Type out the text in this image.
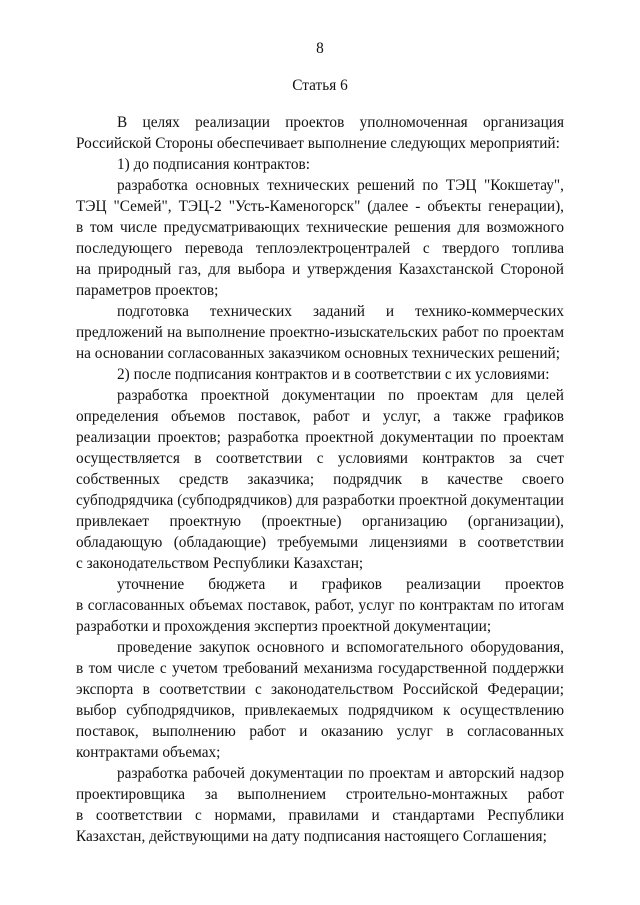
8
Статья 6
В целях реализации проектов уполномоченная организация
Российской Стороны обеспечивает выполнение следующих мероприятий:
1) до подписания контрактов:
разработка основных технических решений по ТЭЦ "Кокшетау",
ТЭЦ "Семей", ТЭЦ-2 "Усть-Каменогорск" (далее - объекты генерации),
в том числе предусматривающих технические решения для возможного
последующего перевода теплоэлектроцентралей с твердого топлива
на природный газ, для выбора и утверждения Казахстанской Стороной
параметров проектов;
подготовка технических заданий и технико-коммерческих
предложений на выполнение проектно-изыскательских работ по проектам
на основании согласованных заказчиком основных технических решений;
2) после подписания контрактов и в соответствии с их условиями:
разработка проектной документации по проектам для целей
определения объемов поставок, работ и услуг, а также графиков
реализации проектов; разработка проектной документации по проектам
осуществляется в соответствии с условиями контрактов за счет
собственных средств заказчика; подрядчик в качестве своего
субподрядчика (субподрядчиков) для разработки проектной документации
привлекает проектную (проектные) организацию (организации),
обладающую (обладающие) требуемыми лицензиями в соответствии
с законодательством Республики Казахстан;
уточнение бюджета и графиков реализации проектов
в согласованных объемах поставок, работ, услуг по контрактам по итогам
разработки и прохождения экспертиз проектной документации;
проведение закупок основного и вспомогательного оборудования,
в том числе с учетом требований механизма государственной поддержки
экспорта в соответствии с законодательством Российской Федерации;
выбор субподрядчиков, привлекаемых подрядчиком к осуществлению
поставок, выполнению работ и оказанию услуг в согласованных
контрактами объемах;
разработка рабочей документации по проектам и авторский надзор
проектировщика за выполнением строительно-монтажных работ
в соответствии с нормами, правилами и стандартами Республики
Казахстан, действующими на дату подписания настоящего Соглашения;
